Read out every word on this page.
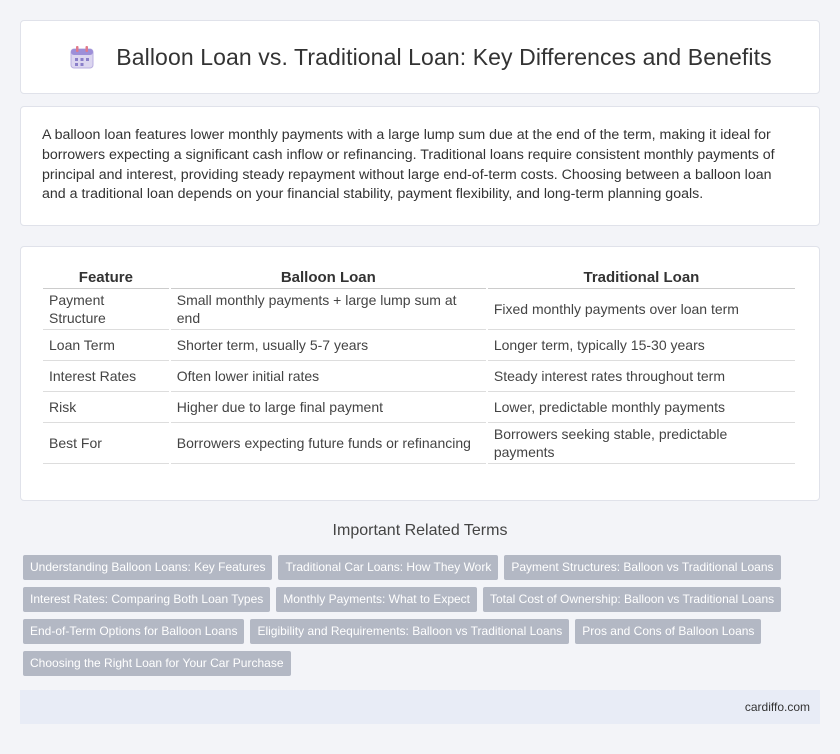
Balloon Loan vs. Traditional Loan: Key Differences and Benefits

A balloon loan features lower monthly payments with a large lump sum due at the end of the term, making it ideal for borrowers expecting a significant cash inflow or refinancing. Traditional loans require consistent monthly payments of principal and interest, providing steady repayment without large end-of-term costs. Choosing between a balloon loan and a traditional loan depends on your financial stability, payment flexibility, and long-term planning goals.

Feature	Balloon Loan	Traditional Loan
Payment Structure	Small monthly payments + large lump sum at end	Fixed monthly payments over loan term
Loan Term	Shorter term, usually 5-7 years	Longer term, typically 15-30 years
Interest Rates	Often lower initial rates	Steady interest rates throughout term
Risk	Higher due to large final payment	Lower, predictable monthly payments
Best For	Borrowers expecting future funds or refinancing	Borrowers seeking stable, predictable payments
Important Related Terms
Understanding Balloon Loans: Key Features Traditional Car Loans: How They Work Payment Structures: Balloon vs Traditional Loans Interest Rates: Comparing Both Loan Types Monthly Payments: What to Expect Total Cost of Ownership: Balloon vs Traditional Loans End-of-Term Options for Balloon Loans Eligibility and Requirements: Balloon vs Traditional Loans Pros and Cons of Balloon Loans Choosing the Right Loan for Your Car Purchase
cardiffo.com
